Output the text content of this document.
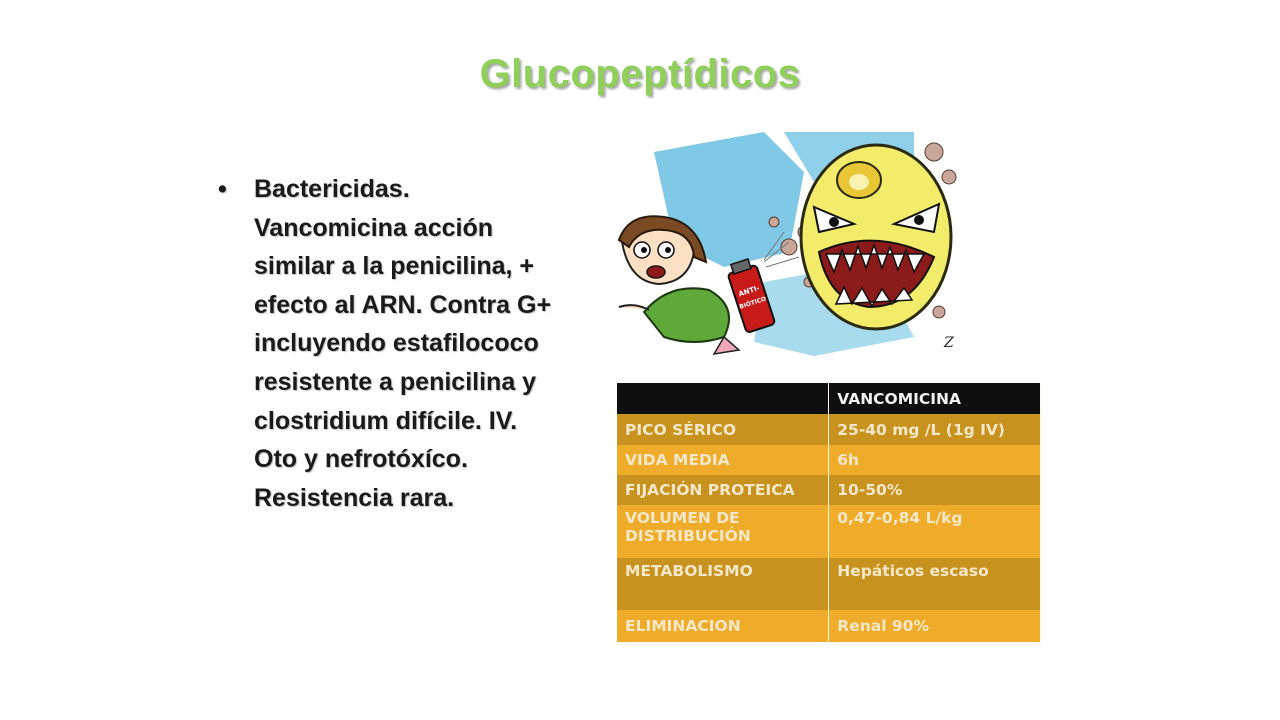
Glucopeptídicos
•	Bactericidas. Vancomicina acción similar a la penicilina, + efecto al ARN. Contra G+ incluyendo estafilococo resistente a penicilina y clostridium difícile. IV. Oto y nefrotóxíco. Resistencia rara.
ANTI-
BIÓTICO
Z
	VANCOMICINA
PICO SÉRICO	25-40 mg /L (1g IV)
VIDA MEDIA	6h
FIJACIÓN PROTEICA	10-50%
VOLUMEN DE DISTRIBUCIÓN	0,47-0,84 L/kg
METABOLISMO	Hepáticos escaso
ELIMINACION	Renal 90%
